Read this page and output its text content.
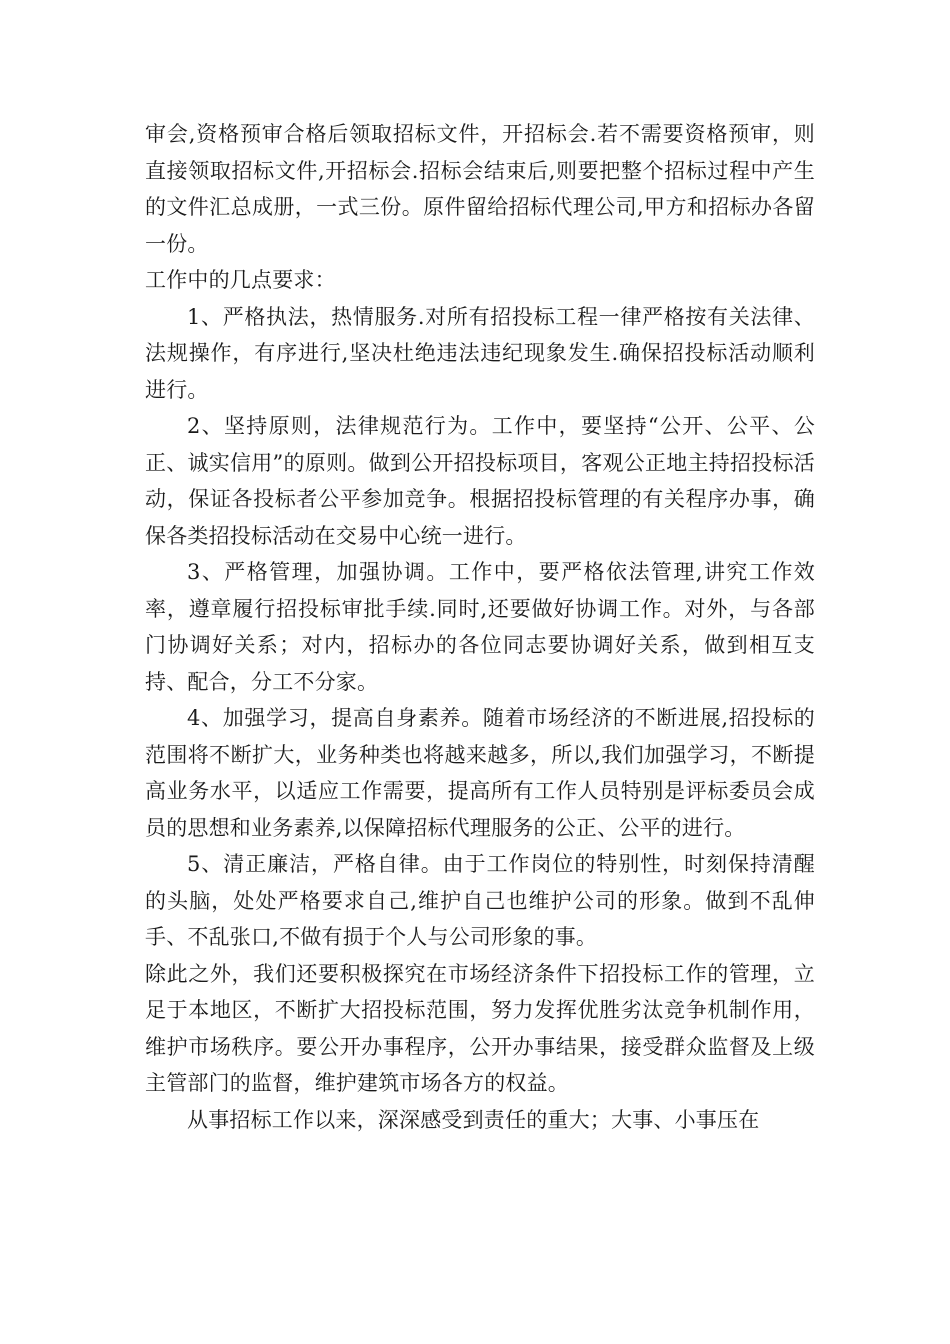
审会,资格预审合格后领取招标文件，开招标会.若不需要资格预审，则直接领取招标文件,开招标会.招标会结束后,则要把整个招标过程中产生的文件汇总成册，一式三份。原件留给招标代理公司,甲方和招标办各留一份。

工作中的几点要求：

1、严格执法，热情服务.对所有招投标工程一律严格按有关法律、法规操作，有序进行,坚决杜绝违法违纪现象发生.确保招投标活动顺利进行。

2、坚持原则，法律规范行为。工作中，要坚持“公开、公平、公正、诚实信用”的原则。做到公开招投标项目，客观公正地主持招投标活动，保证各投标者公平参加竞争。根据招投标管理的有关程序办事，确保各类招投标活动在交易中心统一进行。

3、严格管理，加强协调。工作中，要严格依法管理,讲究工作效率，遵章履行招投标审批手续.同时,还要做好协调工作。对外，与各部门协调好关系；对内，招标办的各位同志要协调好关系，做到相互支持、配合，分工不分家。

4、加强学习，提高自身素养。随着市场经济的不断进展,招投标的范围将不断扩大，业务种类也将越来越多，所以,我们加强学习，不断提高业务水平，以适应工作需要，提高所有工作人员特别是评标委员会成员的思想和业务素养,以保障招标代理服务的公正、公平的进行。

5、清正廉洁，严格自律。由于工作岗位的特别性，时刻保持清醒的头脑，处处严格要求自己,维护自己也维护公司的形象。做到不乱伸手、不乱张口,不做有损于个人与公司形象的事。

除此之外，我们还要积极探究在市场经济条件下招投标工作的管理，立足于本地区，不断扩大招投标范围，努力发挥优胜劣汰竞争机制作用，维护市场秩序。要公开办事程序，公开办事结果，接受群众监督及上级主管部门的监督，维护建筑市场各方的权益。

从事招标工作以来，深深感受到责任的重大；大事、小事压在
